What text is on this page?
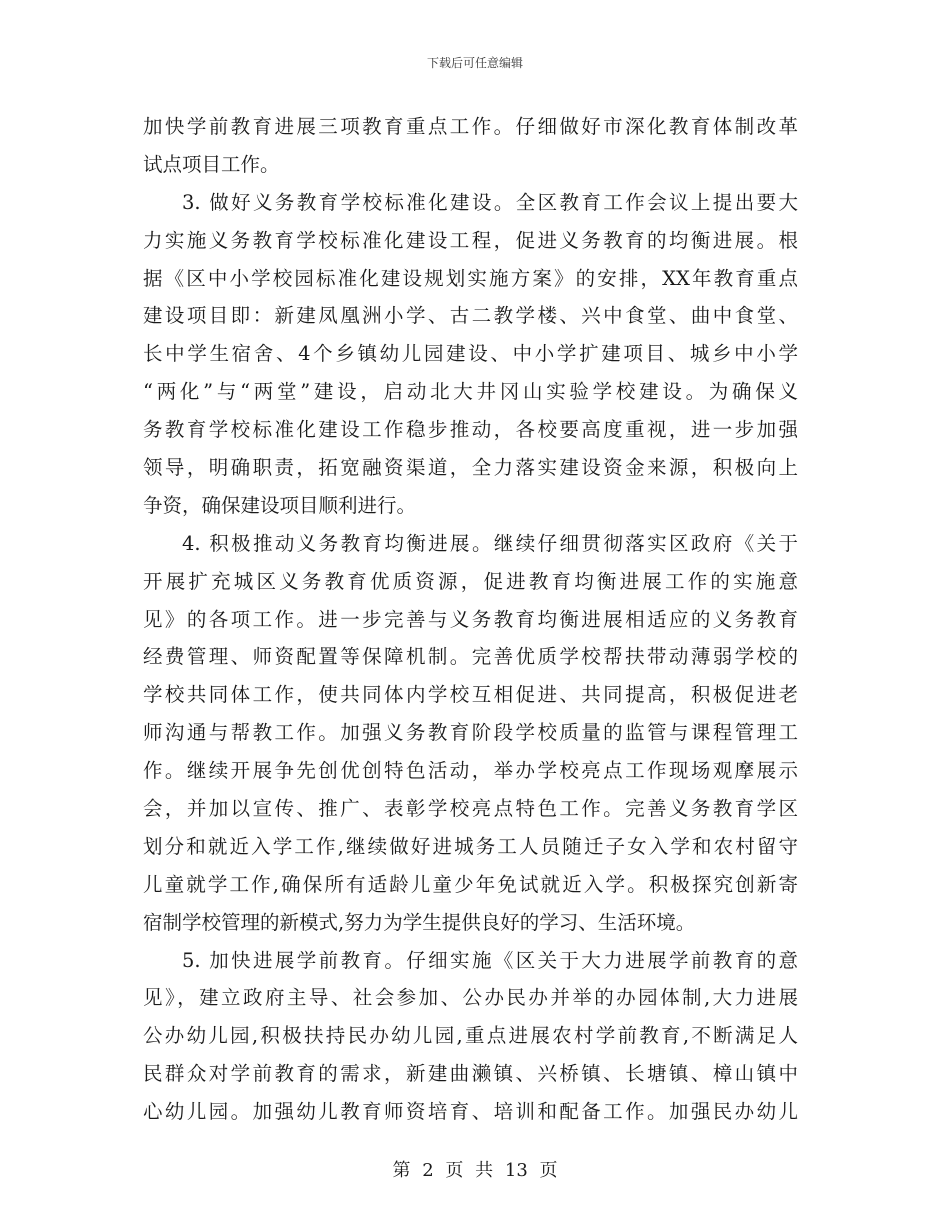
下载后可任意编辑
加快学前教育进展三项教育重点工作。仔细做好市深化教育体制改革
试点项目工作。
3. 做好义务教育学校标准化建设。全区教育工作会议上提出要大
力实施义务教育学校标准化建设工程，促进义务教育的均衡进展。根
据《区中小学校园标准化建设规划实施方案》的安排，XX年教育重点
建设项目即：新建凤凰洲小学、古二教学楼、兴中食堂、曲中食堂、
长中学生宿舍、4个乡镇幼儿园建设、中小学扩建项目、城乡中小学
“两化”与“两堂”建设，启动北大井冈山实验学校建设。为确保义
务教育学校标准化建设工作稳步推动，各校要高度重视，进一步加强
领导，明确职责，拓宽融资渠道，全力落实建设资金来源，积极向上
争资，确保建设项目顺利进行。
4. 积极推动义务教育均衡进展。继续仔细贯彻落实区政府《关于
开展扩充城区义务教育优质资源，促进教育均衡进展工作的实施意
见》的各项工作。进一步完善与义务教育均衡进展相适应的义务教育
经费管理、师资配置等保障机制。完善优质学校帮扶带动薄弱学校的
学校共同体工作，使共同体内学校互相促进、共同提高，积极促进老
师沟通与帮教工作。加强义务教育阶段学校质量的监管与课程管理工
作。继续开展争先创优创特色活动，举办学校亮点工作现场观摩展示
会，并加以宣传、推广、表彰学校亮点特色工作。完善义务教育学区
划分和就近入学工作,继续做好进城务工人员随迁子女入学和农村留守
儿童就学工作,确保所有适龄儿童少年免试就近入学。积极探究创新寄
宿制学校管理的新模式,努力为学生提供良好的学习、生活环境。
5. 加快进展学前教育。仔细实施《区关于大力进展学前教育的意
见》，建立政府主导、社会参加、公办民办并举的办园体制,大力进展
公办幼儿园,积极扶持民办幼儿园,重点进展农村学前教育,不断满足人
民群众对学前教育的需求，新建曲濑镇、兴桥镇、长塘镇、樟山镇中
心幼儿园。加强幼儿教育师资培育、培训和配备工作。加强民办幼儿
第 2 页 共 13 页
